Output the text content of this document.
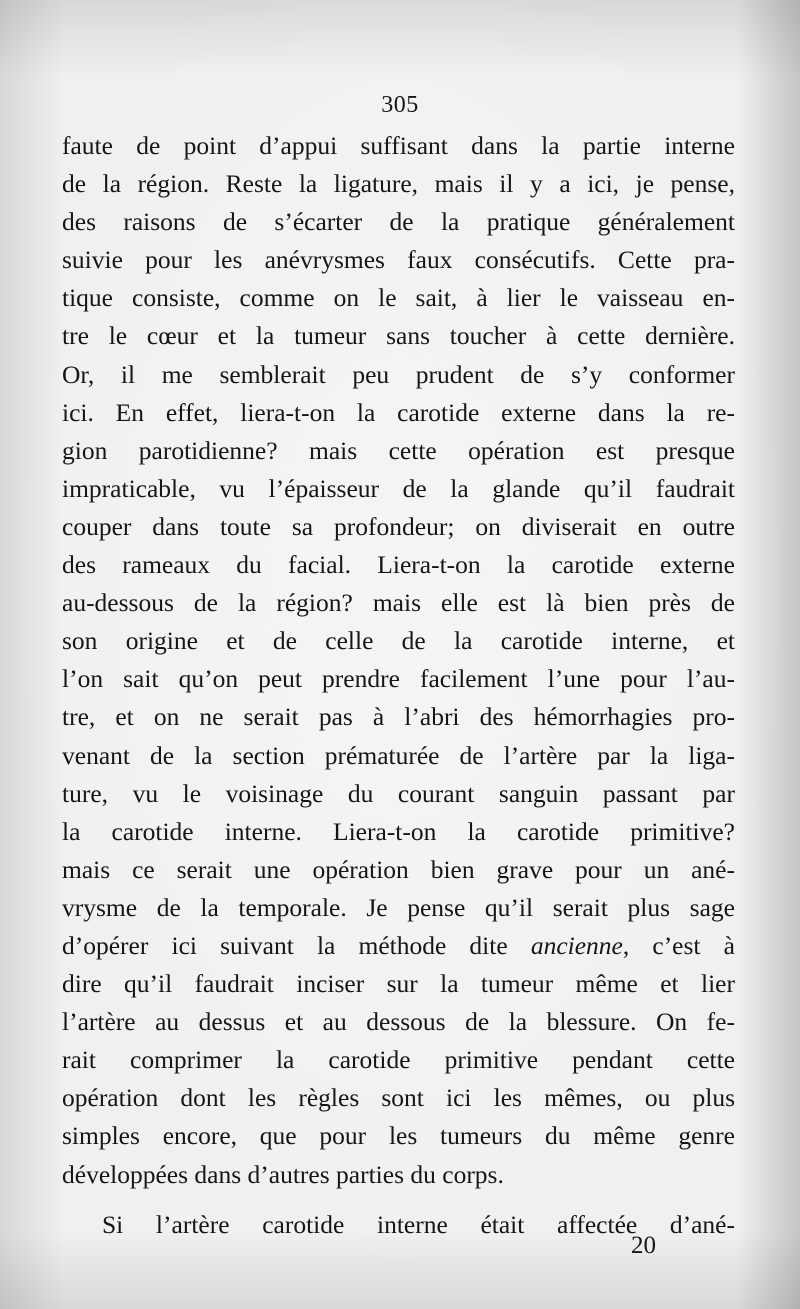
305
faute de point d’appui suffisant dans la partie interne
de la région. Reste la ligature, mais il y a ici, je pense,
des raisons de s’écarter de la pratique généralement
suivie pour les anévrysmes faux consécutifs. Cette pra-
tique consiste, comme on le sait, à lier le vaisseau en-
tre le cœur et la tumeur sans toucher à cette dernière.
Or, il me semblerait peu prudent de s’y conformer
ici. En effet, liera-t-on la carotide externe dans la re-
gion parotidienne? mais cette opération est presque
impraticable, vu l’épaisseur de la glande qu’il faudrait
couper dans toute sa profondeur; on diviserait en outre
des rameaux du facial. Liera-t-on la carotide externe
au-dessous de la région? mais elle est là bien près de
son origine et de celle de la carotide interne, et
l’on sait qu’on peut prendre facilement l’une pour l’au-
tre, et on ne serait pas à l’abri des hémorrhagies pro-
venant de la section prématurée de l’artère par la liga-
ture, vu le voisinage du courant sanguin passant par
la carotide interne. Liera-t-on la carotide primitive?
mais ce serait une opération bien grave pour un ané-
vrysme de la temporale. Je pense qu’il serait plus sage
d’opérer ici suivant la méthode dite ancienne, c’est à
dire qu’il faudrait inciser sur la tumeur même et lier
l’artère au dessus et au dessous de la blessure. On fe-
rait comprimer la carotide primitive pendant cette
opération dont les règles sont ici les mêmes, ou plus
simples encore, que pour les tumeurs du même genre
développées dans d’autres parties du corps.
Si l’artère carotide interne était affectée d’ané-
20
